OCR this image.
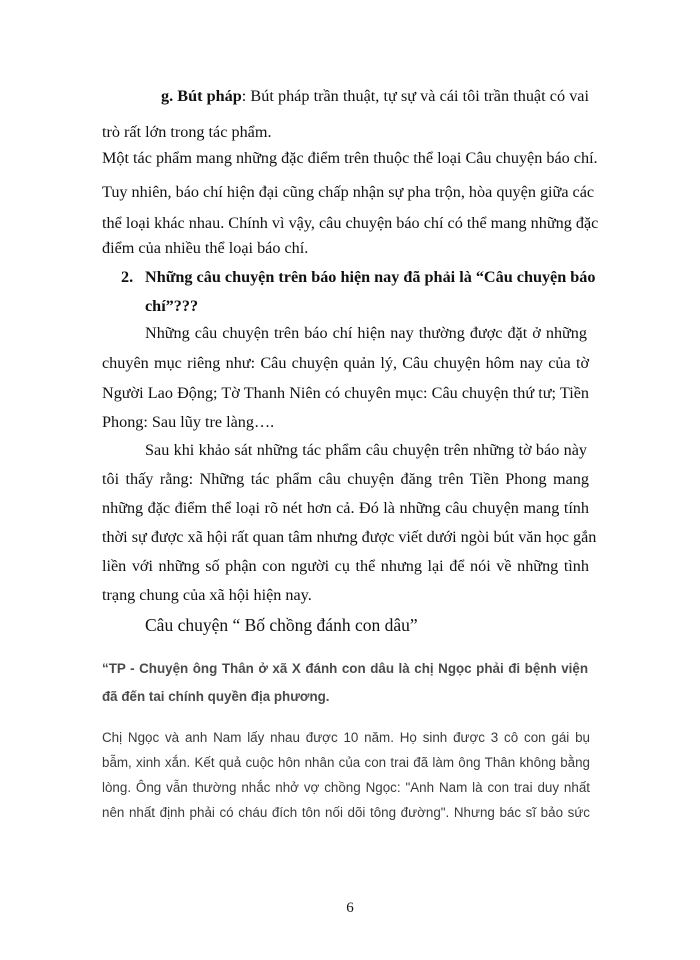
g. Bút pháp: Bút pháp trần thuật, tự sự và cái tôi trần thuật có vai
trò rất lớn trong tác phẩm.
Một tác phẩm mang những đặc điểm trên thuộc thể loại Câu chuyện báo chí.
Tuy nhiên, báo chí hiện đại cũng chấp nhận sự pha trộn, hòa quyện giữa các
thể loại khác nhau. Chính vì vậy, câu chuyện báo chí có thể mang những đặc
điểm của nhiều thể loại báo chí.
2. Những câu chuyện trên báo hiện nay đã phải là “Câu chuyện báo
chí”???
Những câu chuyện trên báo chí hiện nay thường được đặt ở những
chuyên mục riêng như: Câu chuyện quản lý, Câu chuyện hôm nay của tờ
Người Lao Động; Tờ Thanh Niên có chuyên mục: Câu chuyện thứ tư; Tiền
Phong: Sau lũy tre làng….
Sau khi khảo sát những tác phẩm câu chuyện trên những tờ báo này
tôi thấy rằng: Những tác phẩm câu chuyện đăng trên Tiền Phong mang
những đặc điểm thể loại rõ nét hơn cả. Đó là những câu chuyện mang tính
thời sự được xã hội rất quan tâm nhưng được viết dưới ngòi bút văn học gắn
liền với những số phận con người cụ thể nhưng lại để nói về những tình
trạng chung của xã hội hiện nay.
Câu chuyện “ Bố chồng đánh con dâu”
“TP - Chuyện ông Thân ở xã X đánh con dâu là chị Ngọc phải đi bệnh viện
đã đến tai chính quyền địa phương.
Chị Ngọc và anh Nam lấy nhau được 10 năm. Họ sinh được 3 cô con gái bụ
bẫm, xinh xắn. Kết quả cuộc hôn nhân của con trai đã làm ông Thân không bằng
lòng. Ông vẫn thường nhắc nhở vợ chồng Ngọc: "Anh Nam là con trai duy nhất
nên nhất định phải có cháu đích tôn nối dõi tông đường". Nhưng bác sĩ bảo sức
6
